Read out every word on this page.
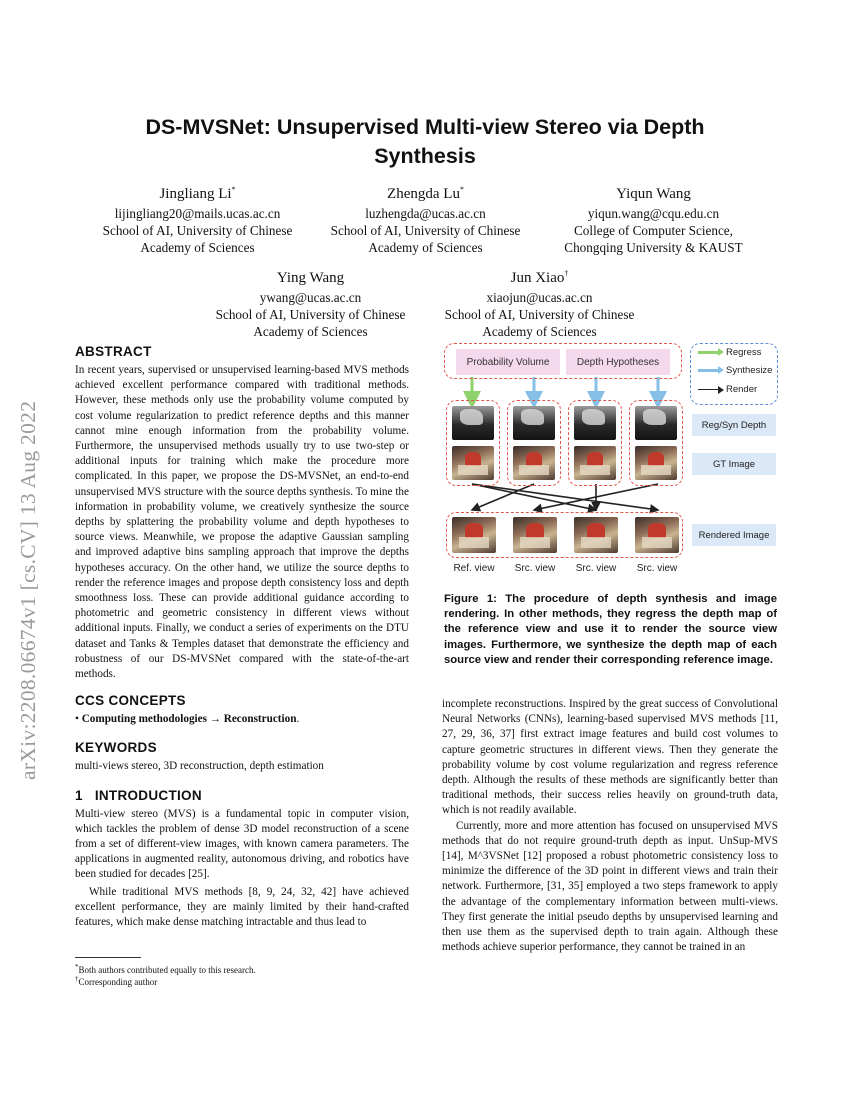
arXiv:2208.06674v1 [cs.CV] 13 Aug 2022
DS-MVSNet: Unsupervised Multi-view Stereo via Depth
Synthesis
Jingliang Li*
lijingliang20@mails.ucas.ac.cn
School of AI, University of Chinese
Academy of Sciences
Zhengda Lu*
luzhengda@ucas.ac.cn
School of AI, University of Chinese
Academy of Sciences
Yiqun Wang
yiqun.wang@cqu.edu.cn
College of Computer Science,
Chongqing University & KAUST
Ying Wang
ywang@ucas.ac.cn
School of AI, University of Chinese
Academy of Sciences
Jun Xiao†
xiaojun@ucas.ac.cn
School of AI, University of Chinese
Academy of Sciences
ABSTRACT

In recent years, supervised or unsupervised learning-based MVS methods achieved excellent performance compared with traditional methods. However, these methods only use the probability volume computed by cost volume regularization to predict reference depths and this manner cannot mine enough information from the probability volume. Furthermore, the unsupervised methods usually try to use two-step or additional inputs for training which make the procedure more complicated. In this paper, we propose the DS-MVSNet, an end-to-end unsupervised MVS structure with the source depths synthesis. To mine the information in probability volume, we creatively synthesize the source depths by splattering the probability volume and depth hypotheses to source views. Meanwhile, we propose the adaptive Gaussian sampling and improved adaptive bins sampling approach that improve the depths hypotheses accuracy. On the other hand, we utilize the source depths to render the reference images and propose depth consistency loss and depth smoothness loss. These can provide additional guidance according to photometric and geometric consistency in different views without additional inputs. Finally, we conduct a series of experiments on the DTU dataset and Tanks & Temples dataset that demonstrate the efficiency and robustness of our DS-MVSNet compared with the state-of-the-art methods.

CCS CONCEPTS

• Computing methodologies → Reconstruction.

KEYWORDS

multi-views stereo, 3D reconstruction, depth estimation

1 INTRODUCTION

Multi-view stereo (MVS) is a fundamental topic in computer vision, which tackles the problem of dense 3D model reconstruction of a scene from a set of different-view images, with known camera parameters. The applications in augmented reality, autonomous driving, and robotics have been studied for decades [25].

While traditional MVS methods [8, 9, 24, 32, 42] have achieved excellent performance, they are mainly limited by their hand-crafted features, which make dense matching intractable and thus lead to

*Both authors contributed equally to this research.
†Corresponding author
Probability Volume	Depth Hypotheses
Regress
Synthesize
Render
Reg/Syn Depth
GT Image
Rendered Image
Ref. view	Src. view	Src. view	Src. view
Figure 1: The procedure of depth synthesis and image rendering. In other methods, they regress the depth map of the reference view and use it to render the source view images. Furthermore, we synthesize the depth map of each source view and render their corresponding reference image.

incomplete reconstructions. Inspired by the great success of Convolutional Neural Networks (CNNs), learning-based supervised MVS methods [11, 27, 29, 36, 37] first extract image features and build cost volumes to capture geometric structures in different views. Then they generate the probability volume by cost volume regularization and regress reference depth. Although the results of these methods are significantly better than traditional methods, their success relies heavily on ground-truth data, which is not readily available.

Currently, more and more attention has focused on unsupervised MVS methods that do not require ground-truth depth as input. UnSup-MVS [14], M^3VSNet [12] proposed a robust photometric consistency loss to minimize the difference of the 3D point in different views and train their network. Furthermore, [31, 35] employed a two steps framework to apply the advantage of the complementary information between multi-views. They first generate the initial pseudo depths by unsupervised learning and then use them as the supervised depth to train again. Although these methods achieve superior performance, they cannot be trained in an
